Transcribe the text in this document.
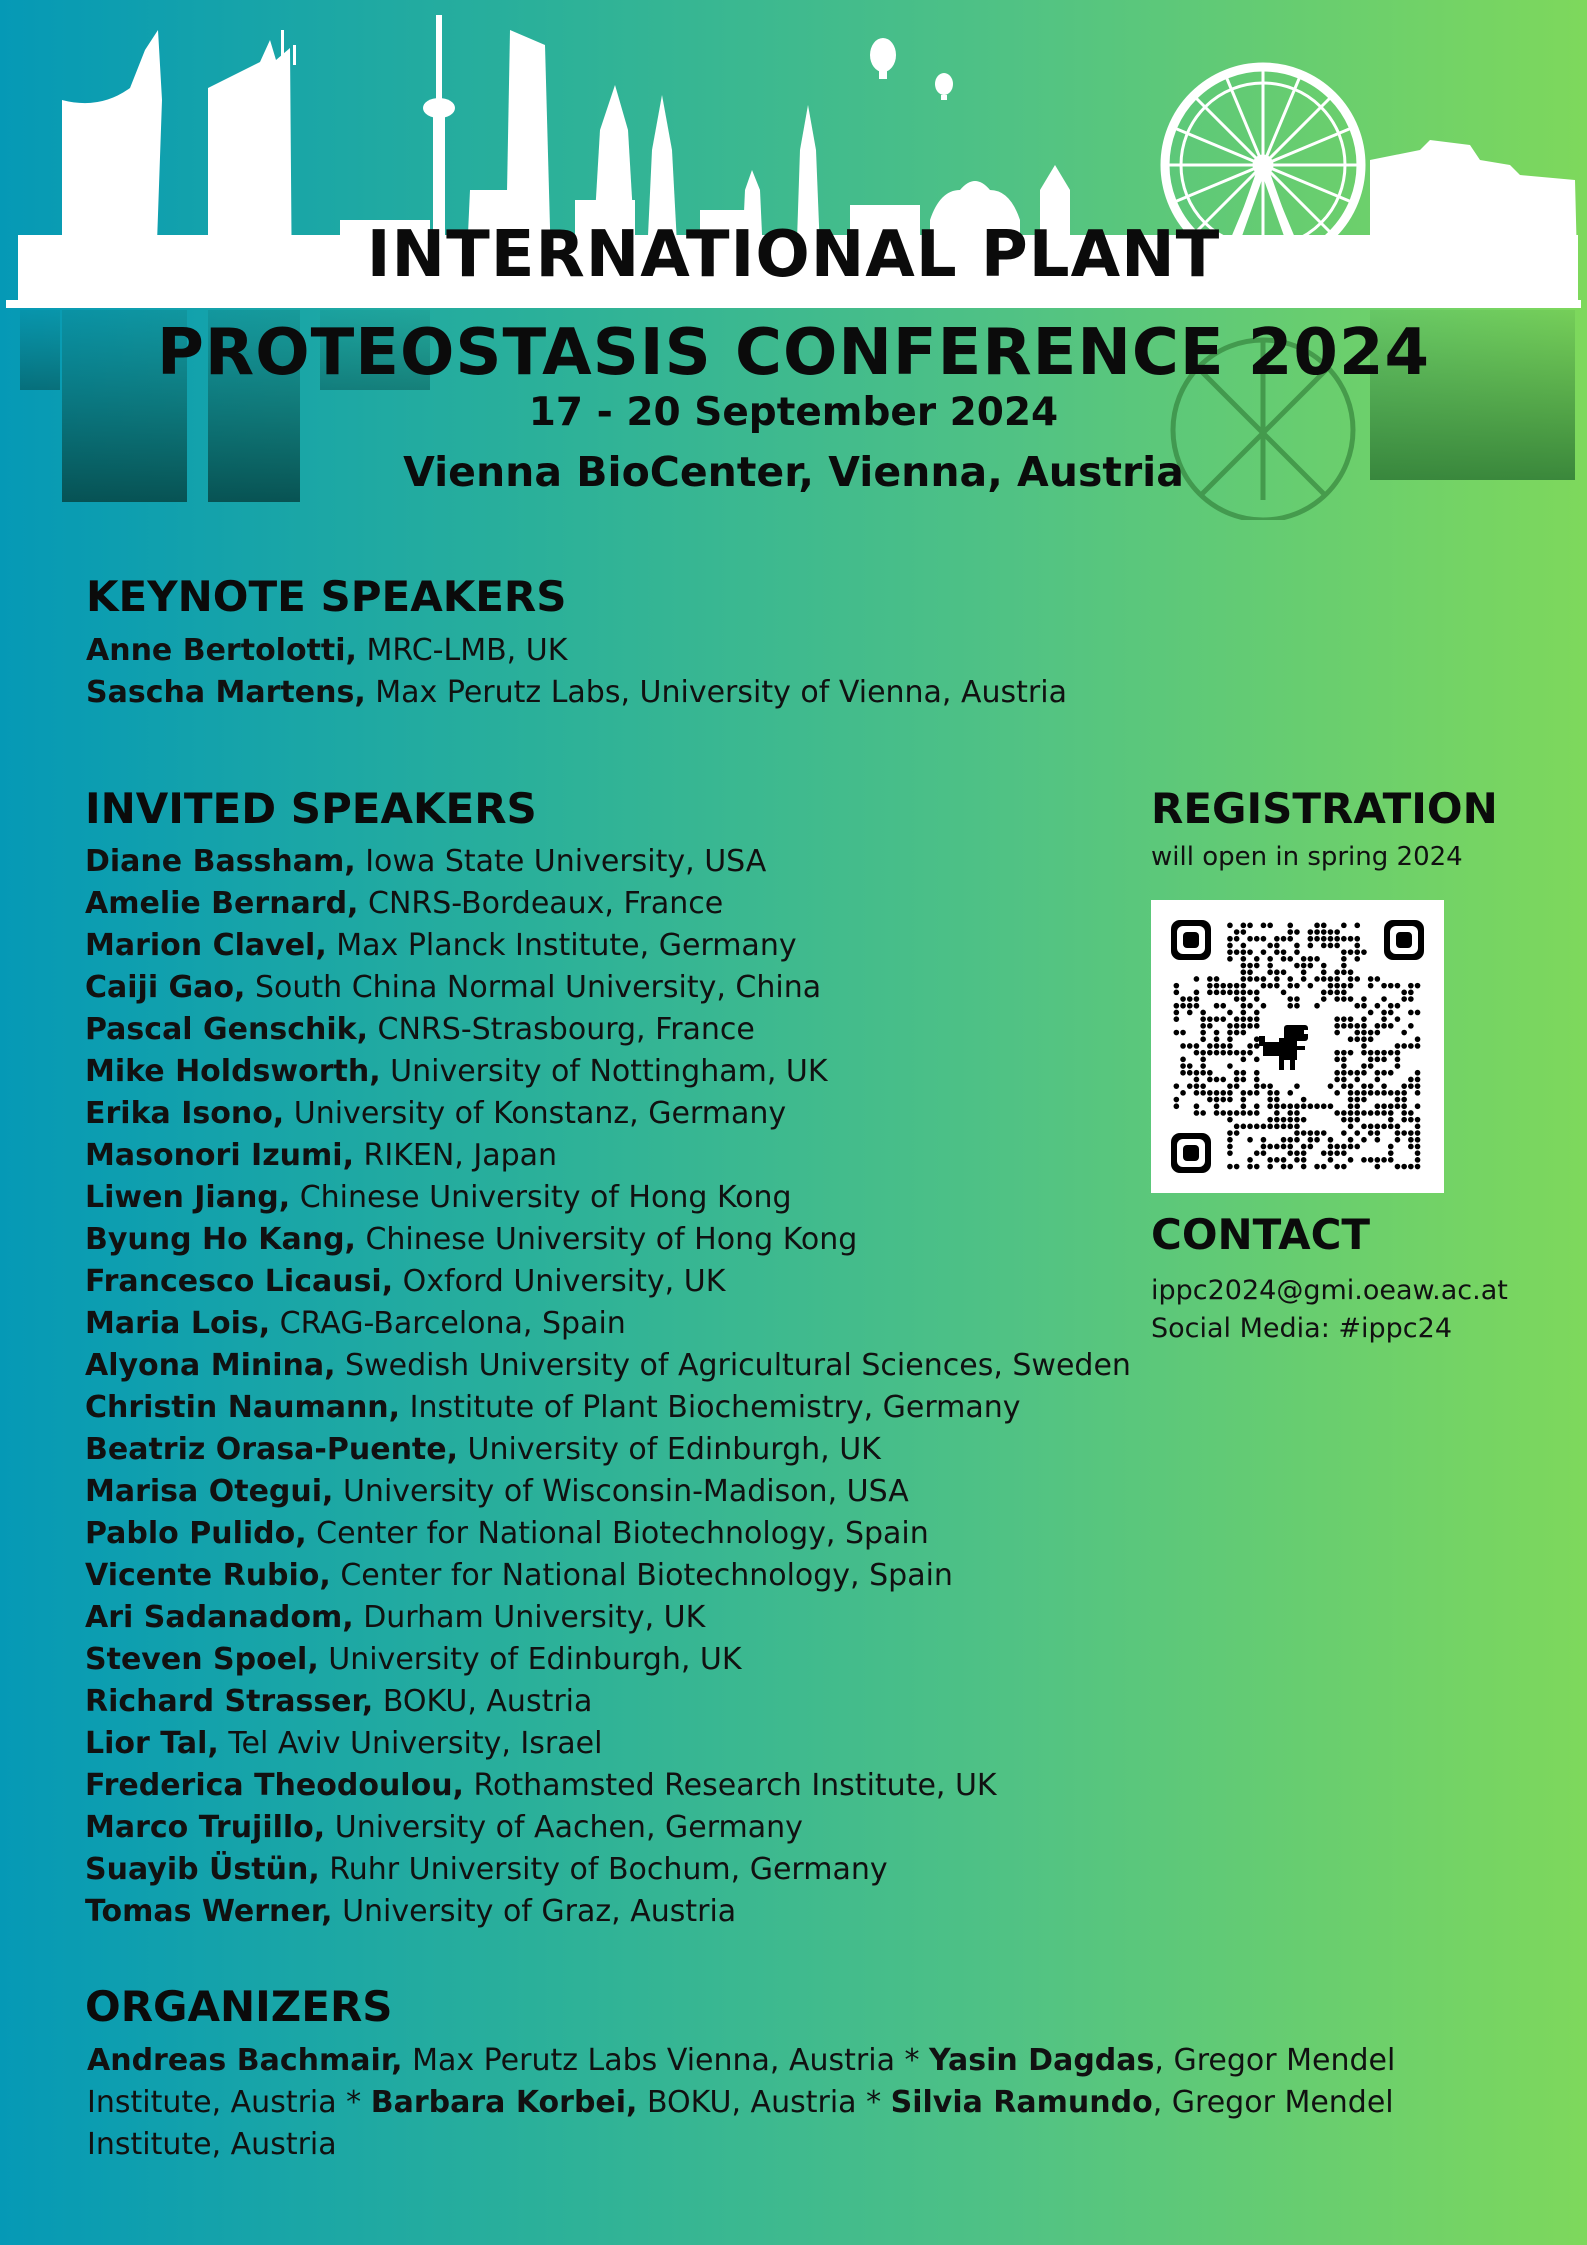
INTERNATIONAL PLANT
PROTEOSTASIS CONFERENCE 2024
17 - 20 September 2024
Vienna BioCenter, Vienna, Austria
KEYNOTE SPEAKERS
Anne Bertolotti, MRC-LMB, UK
Sascha Martens, Max Perutz Labs, University of Vienna, Austria
INVITED SPEAKERS
Diane Bassham, Iowa State University, USA
Amelie Bernard, CNRS-Bordeaux, France
Marion Clavel, Max Planck Institute, Germany
Caiji Gao, South China Normal University, China
Pascal Genschik, CNRS-Strasbourg, France
Mike Holdsworth, University of Nottingham, UK
Erika Isono, University of Konstanz, Germany
Masonori Izumi, RIKEN, Japan
Liwen Jiang, Chinese University of Hong Kong
Byung Ho Kang, Chinese University of Hong Kong
Francesco Licausi, Oxford University, UK
Maria Lois, CRAG-Barcelona, Spain
Alyona Minina, Swedish University of Agricultural Sciences, Sweden
Christin Naumann, Institute of Plant Biochemistry, Germany
Beatriz Orasa-Puente, University of Edinburgh, UK
Marisa Otegui, University of Wisconsin-Madison, USA
Pablo Pulido, Center for National Biotechnology, Spain
Vicente Rubio, Center for National Biotechnology, Spain
Ari Sadanadom, Durham University, UK
Steven Spoel, University of Edinburgh, UK
Richard Strasser, BOKU, Austria
Lior Tal, Tel Aviv University, Israel
Frederica Theodoulou, Rothamsted Research Institute, UK
Marco Trujillo, University of Aachen, Germany
Suayib Üstün, Ruhr University of Bochum, Germany
Tomas Werner, University of Graz, Austria
REGISTRATION
will open in spring 2024
CONTACT
ippc2024@gmi.oeaw.ac.at
Social Media: #ippc24
ORGANIZERS
Andreas Bachmair, Max Perutz Labs Vienna, Austria * Yasin Dagdas, Gregor Mendel Institute, Austria * Barbara Korbei, BOKU, Austria * Silvia Ramundo, Gregor Mendel Institute, Austria
